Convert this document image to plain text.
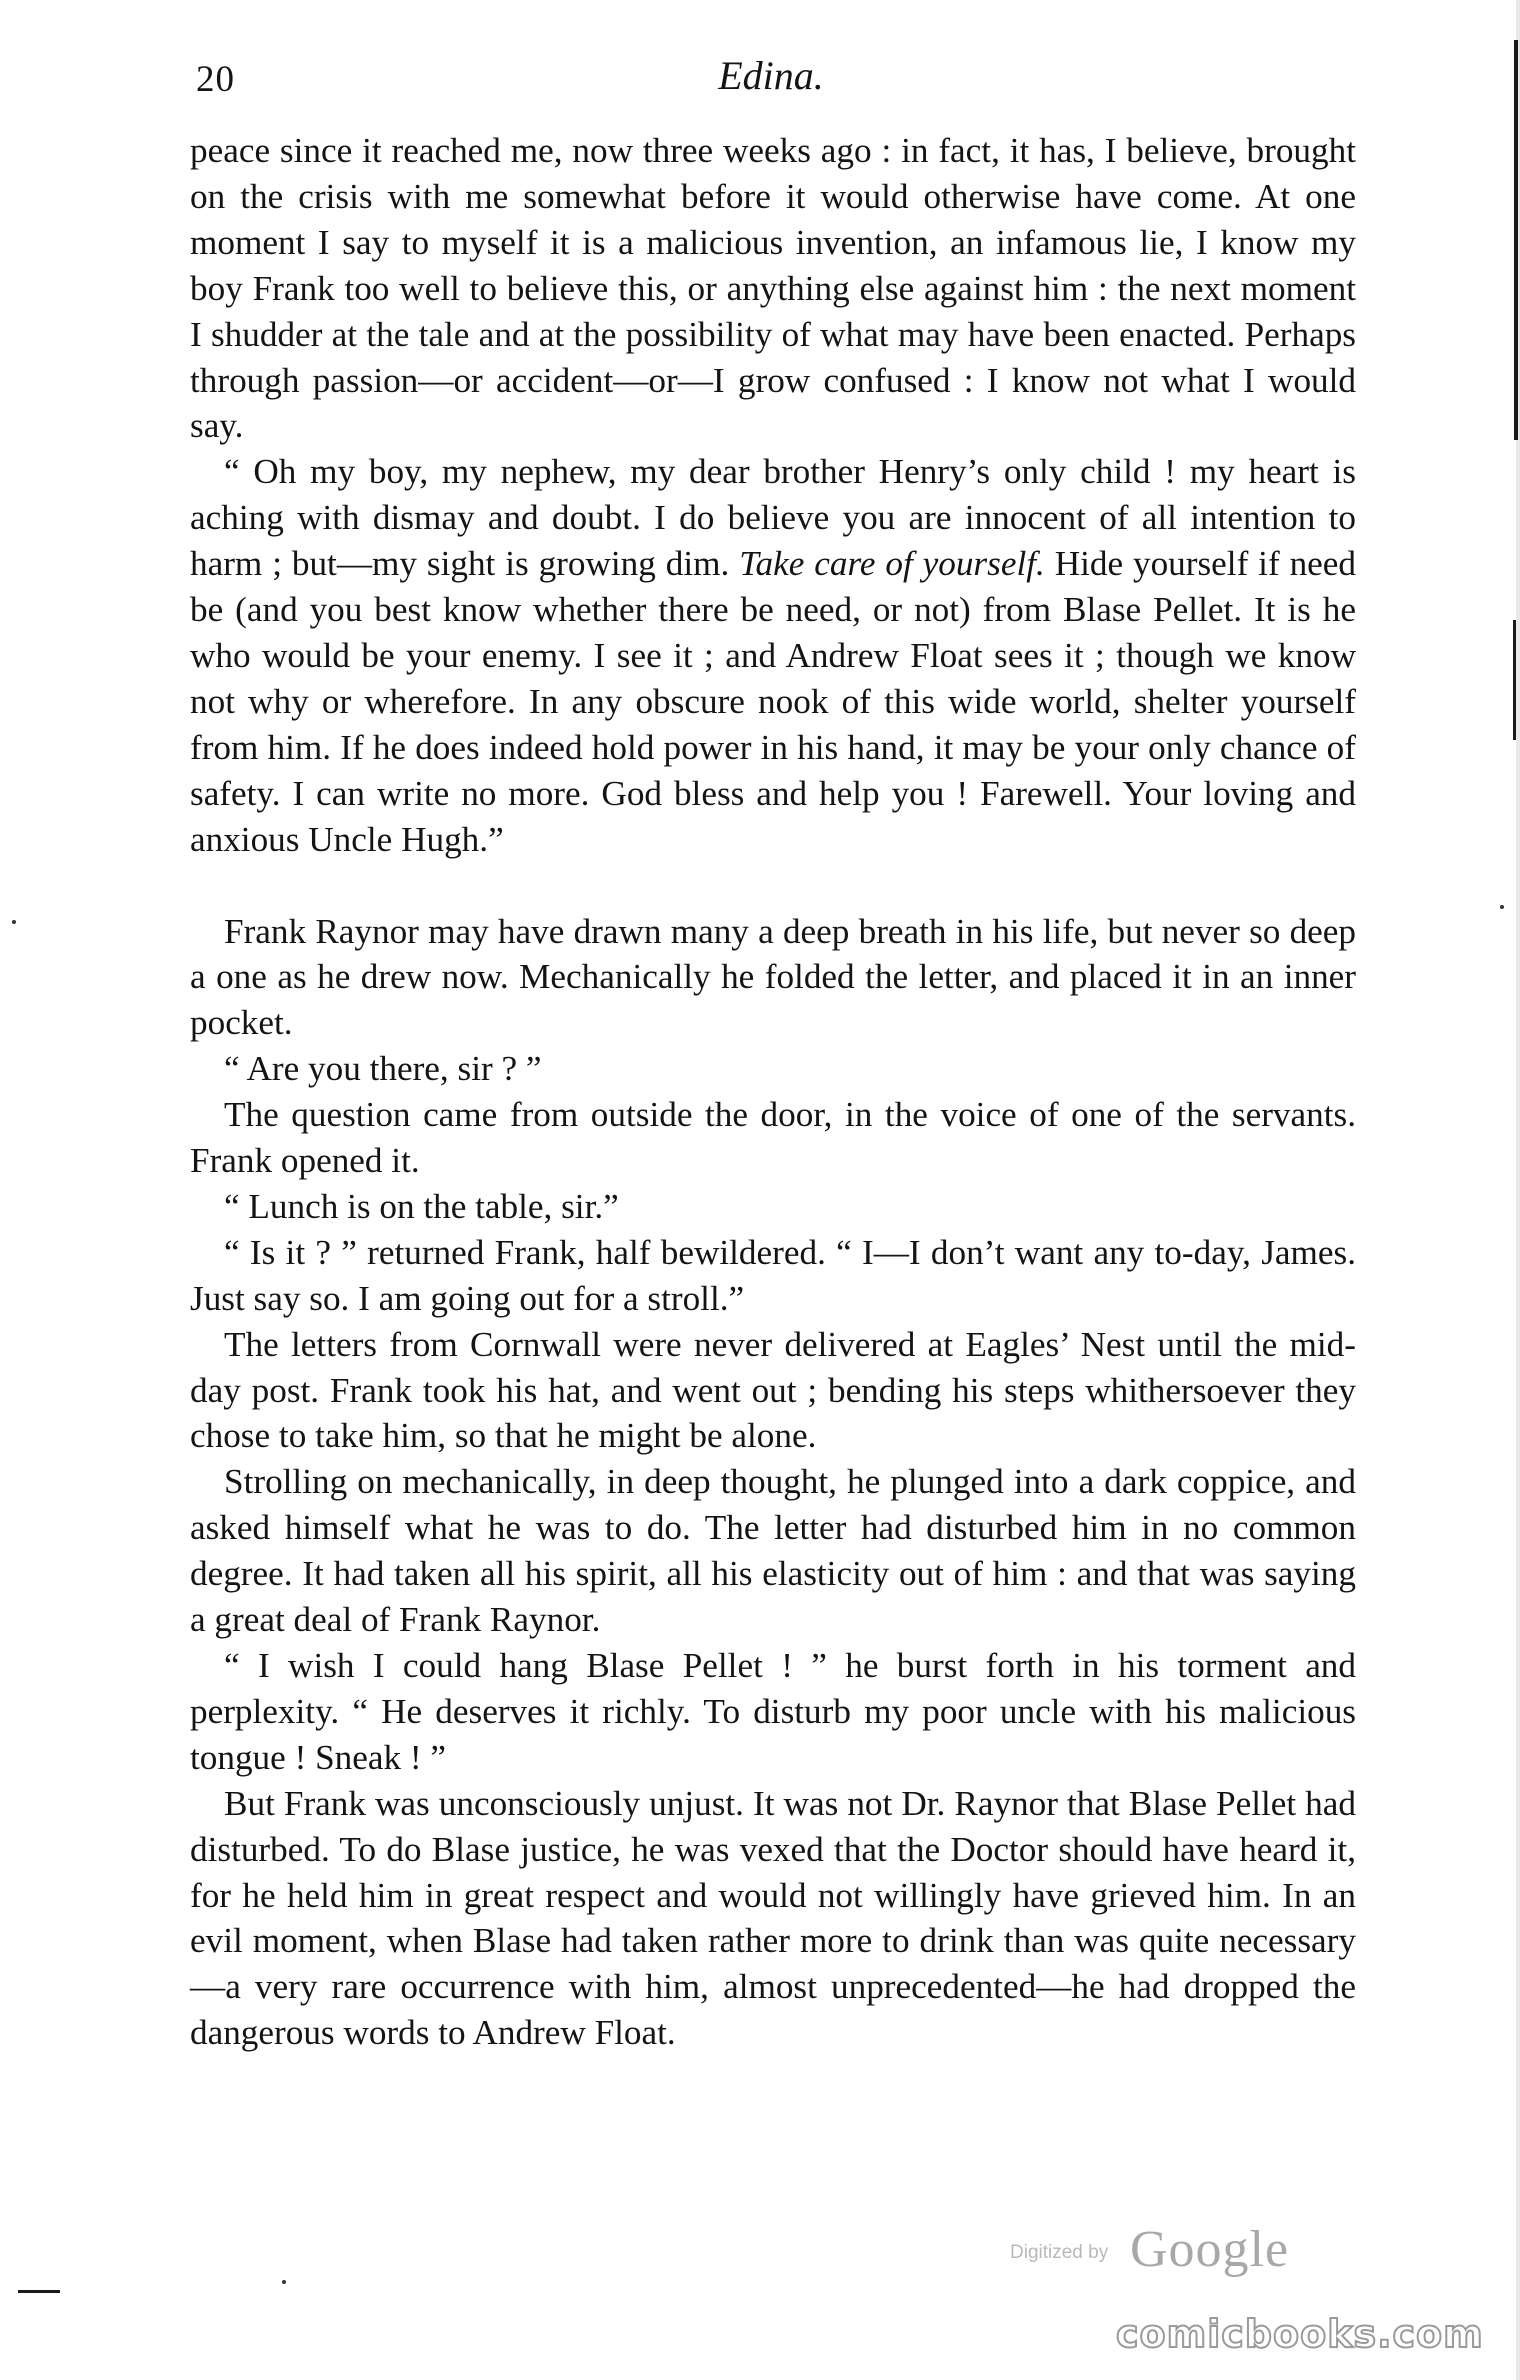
20	Edina.

peace since it reached me, now three weeks ago : in fact, it has, I believe, brought on the crisis with me somewhat before it would otherwise have come. At one moment I say to myself it is a malicious invention, an infamous lie, I know my boy Frank too well to believe this, or anything else against him : the next moment I shudder at the tale and at the possibility of what may have been enacted. Perhaps through passion—or accident—or—I grow confused : I know not what I would say.

“ Oh my boy, my nephew, my dear brother Henry’s only child ! my heart is aching with dismay and doubt. I do believe you are innocent of all intention to harm ; but—my sight is growing dim. Take care of yourself. Hide yourself if need be (and you best know whether there be need, or not) from Blase Pellet. It is he who would be your enemy. I see it ; and Andrew Float sees it ; though we know not why or wherefore. In any obscure nook of this wide world, shelter yourself from him. If he does indeed hold power in his hand, it may be your only chance of safety. I can write no more. God bless and help you ! Farewell. Your loving and anxious Uncle Hugh.”

Frank Raynor may have drawn many a deep breath in his life, but never so deep a one as he drew now. Mechanically he folded the letter, and placed it in an inner pocket.

“ Are you there, sir ? ”

The question came from outside the door, in the voice of one of the servants. Frank opened it.

“ Lunch is on the table, sir.”

“ Is it ? ” returned Frank, half bewildered. “ I—I don’t want any to-day, James. Just say so. I am going out for a stroll.”

The letters from Cornwall were never delivered at Eagles’ Nest until the mid-day post. Frank took his hat, and went out ; bending his steps whithersoever they chose to take him, so that he might be alone.

Strolling on mechanically, in deep thought, he plunged into a dark coppice, and asked himself what he was to do. The letter had disturbed him in no common degree. It had taken all his spirit, all his elasticity out of him : and that was saying a great deal of Frank Raynor.

“ I wish I could hang Blase Pellet ! ” he burst forth in his torment and perplexity. “ He deserves it richly. To disturb my poor uncle with his malicious tongue ! Sneak ! ”

But Frank was unconsciously unjust. It was not Dr. Raynor that Blase Pellet had disturbed. To do Blase justice, he was vexed that the Doctor should have heard it, for he held him in great respect and would not willingly have grieved him. In an evil moment, when Blase had taken rather more to drink than was quite necessary—a very rare occurrence with him, almost unprecedented—he had dropped the dangerous words to Andrew Float.

Digitized by Google
comicbooks.com
